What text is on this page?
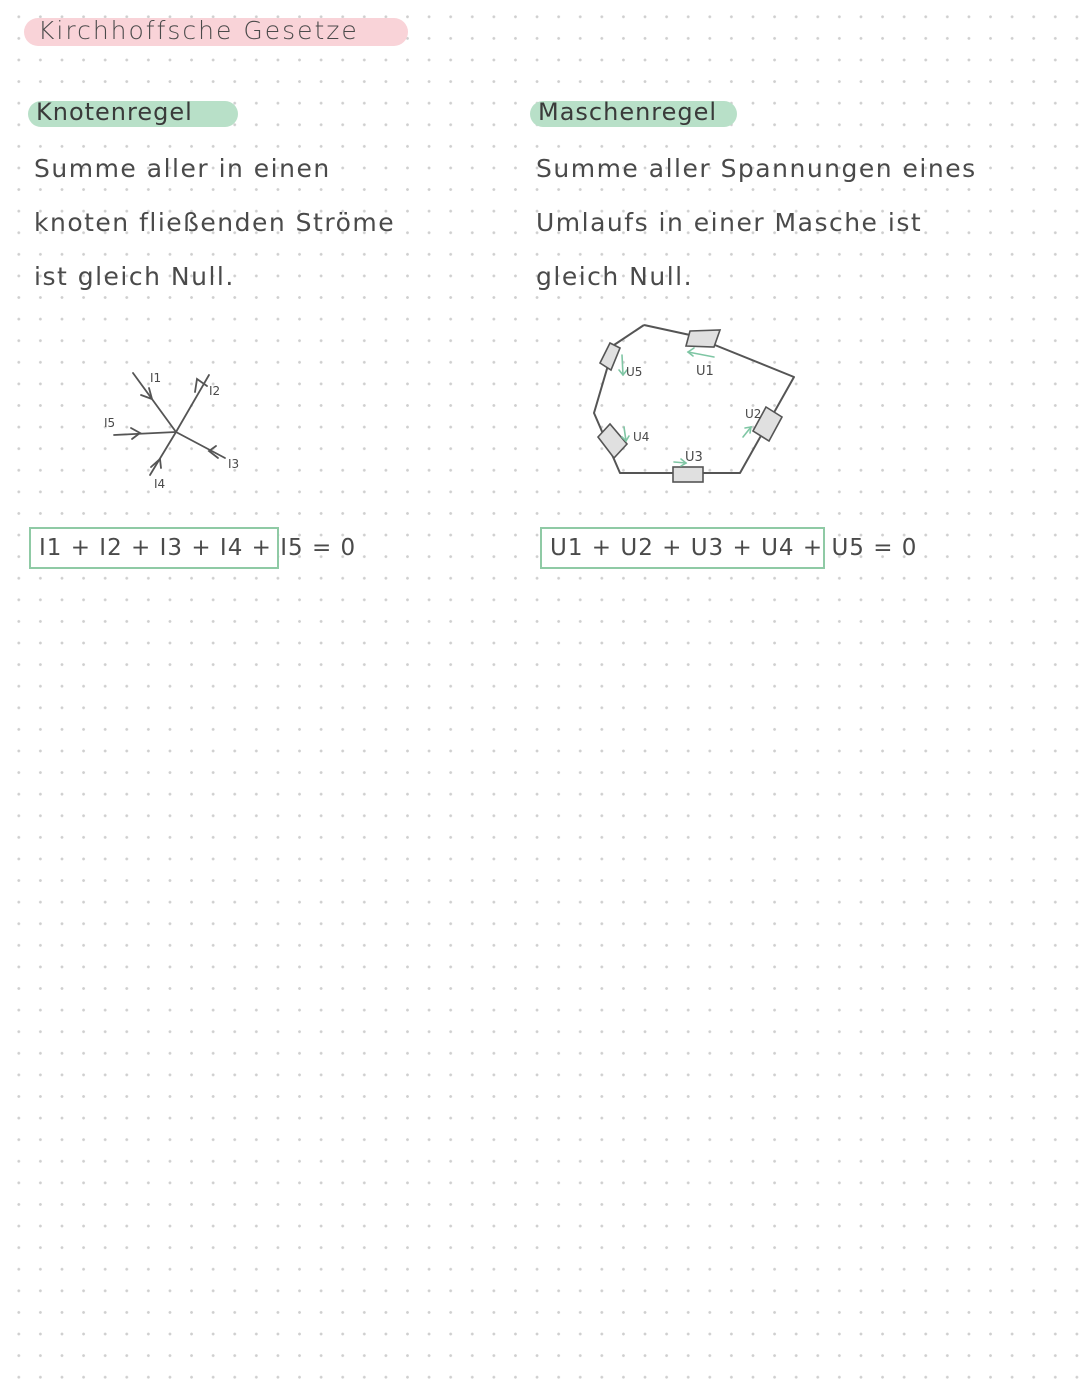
Kirchhoffsche Gesetze
Knotenregel
Summe aller in einen
knoten fließenden Ströme
ist gleich Null.
I1
I2
I3
I4
I5
I1 + I2 + I3 + I4 + I5 = 0
Maschenregel
Summe aller Spannungen eines
Umlaufs in einer Masche ist
gleich Null.
U1
U2
U3
U4
U5
U1 + U2 + U3 + U4 + U5 = 0
